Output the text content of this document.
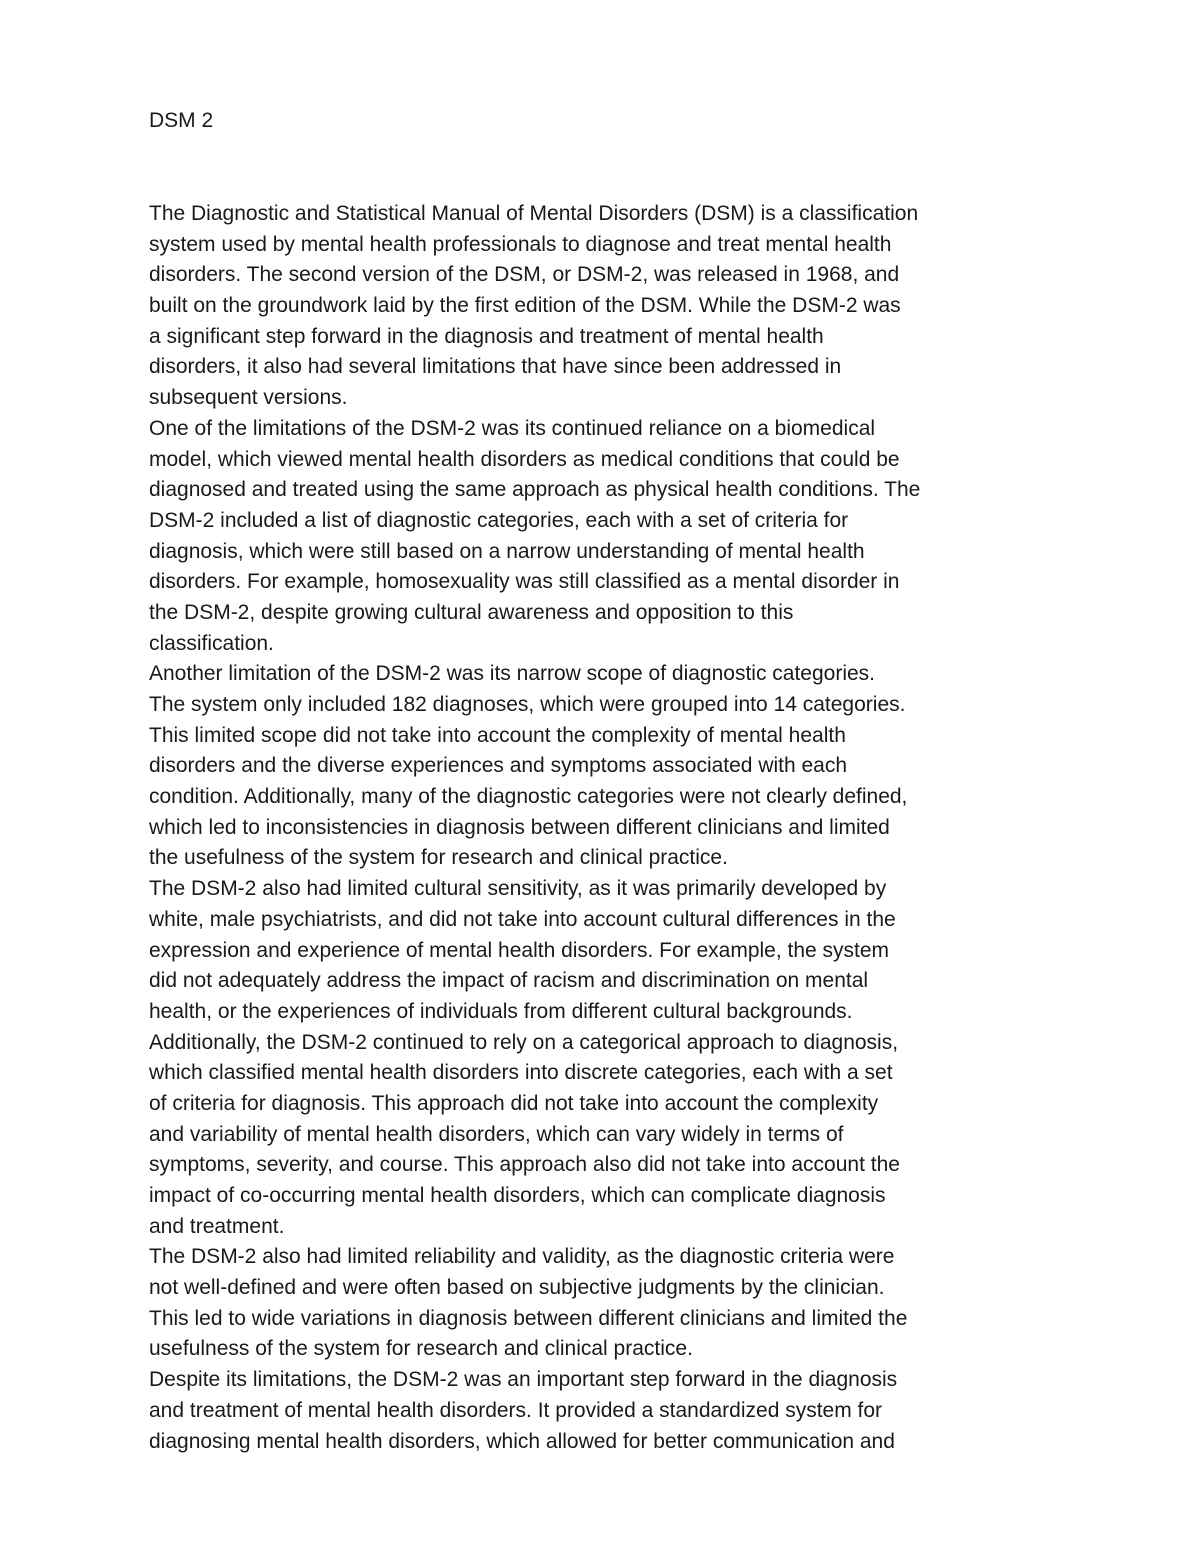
DSM 2
The Diagnostic and Statistical Manual of Mental Disorders (DSM) is a classification
system used by mental health professionals to diagnose and treat mental health
disorders. The second version of the DSM, or DSM-2, was released in 1968, and
built on the groundwork laid by the first edition of the DSM. While the DSM-2 was
a significant step forward in the diagnosis and treatment of mental health
disorders, it also had several limitations that have since been addressed in
subsequent versions.
One of the limitations of the DSM-2 was its continued reliance on a biomedical
model, which viewed mental health disorders as medical conditions that could be
diagnosed and treated using the same approach as physical health conditions. The
DSM-2 included a list of diagnostic categories, each with a set of criteria for
diagnosis, which were still based on a narrow understanding of mental health
disorders. For example, homosexuality was still classified as a mental disorder in
the DSM-2, despite growing cultural awareness and opposition to this
classification.
Another limitation of the DSM-2 was its narrow scope of diagnostic categories.
The system only included 182 diagnoses, which were grouped into 14 categories.
This limited scope did not take into account the complexity of mental health
disorders and the diverse experiences and symptoms associated with each
condition. Additionally, many of the diagnostic categories were not clearly defined,
which led to inconsistencies in diagnosis between different clinicians and limited
the usefulness of the system for research and clinical practice.
The DSM-2 also had limited cultural sensitivity, as it was primarily developed by
white, male psychiatrists, and did not take into account cultural differences in the
expression and experience of mental health disorders. For example, the system
did not adequately address the impact of racism and discrimination on mental
health, or the experiences of individuals from different cultural backgrounds.
Additionally, the DSM-2 continued to rely on a categorical approach to diagnosis,
which classified mental health disorders into discrete categories, each with a set
of criteria for diagnosis. This approach did not take into account the complexity
and variability of mental health disorders, which can vary widely in terms of
symptoms, severity, and course. This approach also did not take into account the
impact of co-occurring mental health disorders, which can complicate diagnosis
and treatment.
The DSM-2 also had limited reliability and validity, as the diagnostic criteria were
not well-defined and were often based on subjective judgments by the clinician.
This led to wide variations in diagnosis between different clinicians and limited the
usefulness of the system for research and clinical practice.
Despite its limitations, the DSM-2 was an important step forward in the diagnosis
and treatment of mental health disorders. It provided a standardized system for
diagnosing mental health disorders, which allowed for better communication and
